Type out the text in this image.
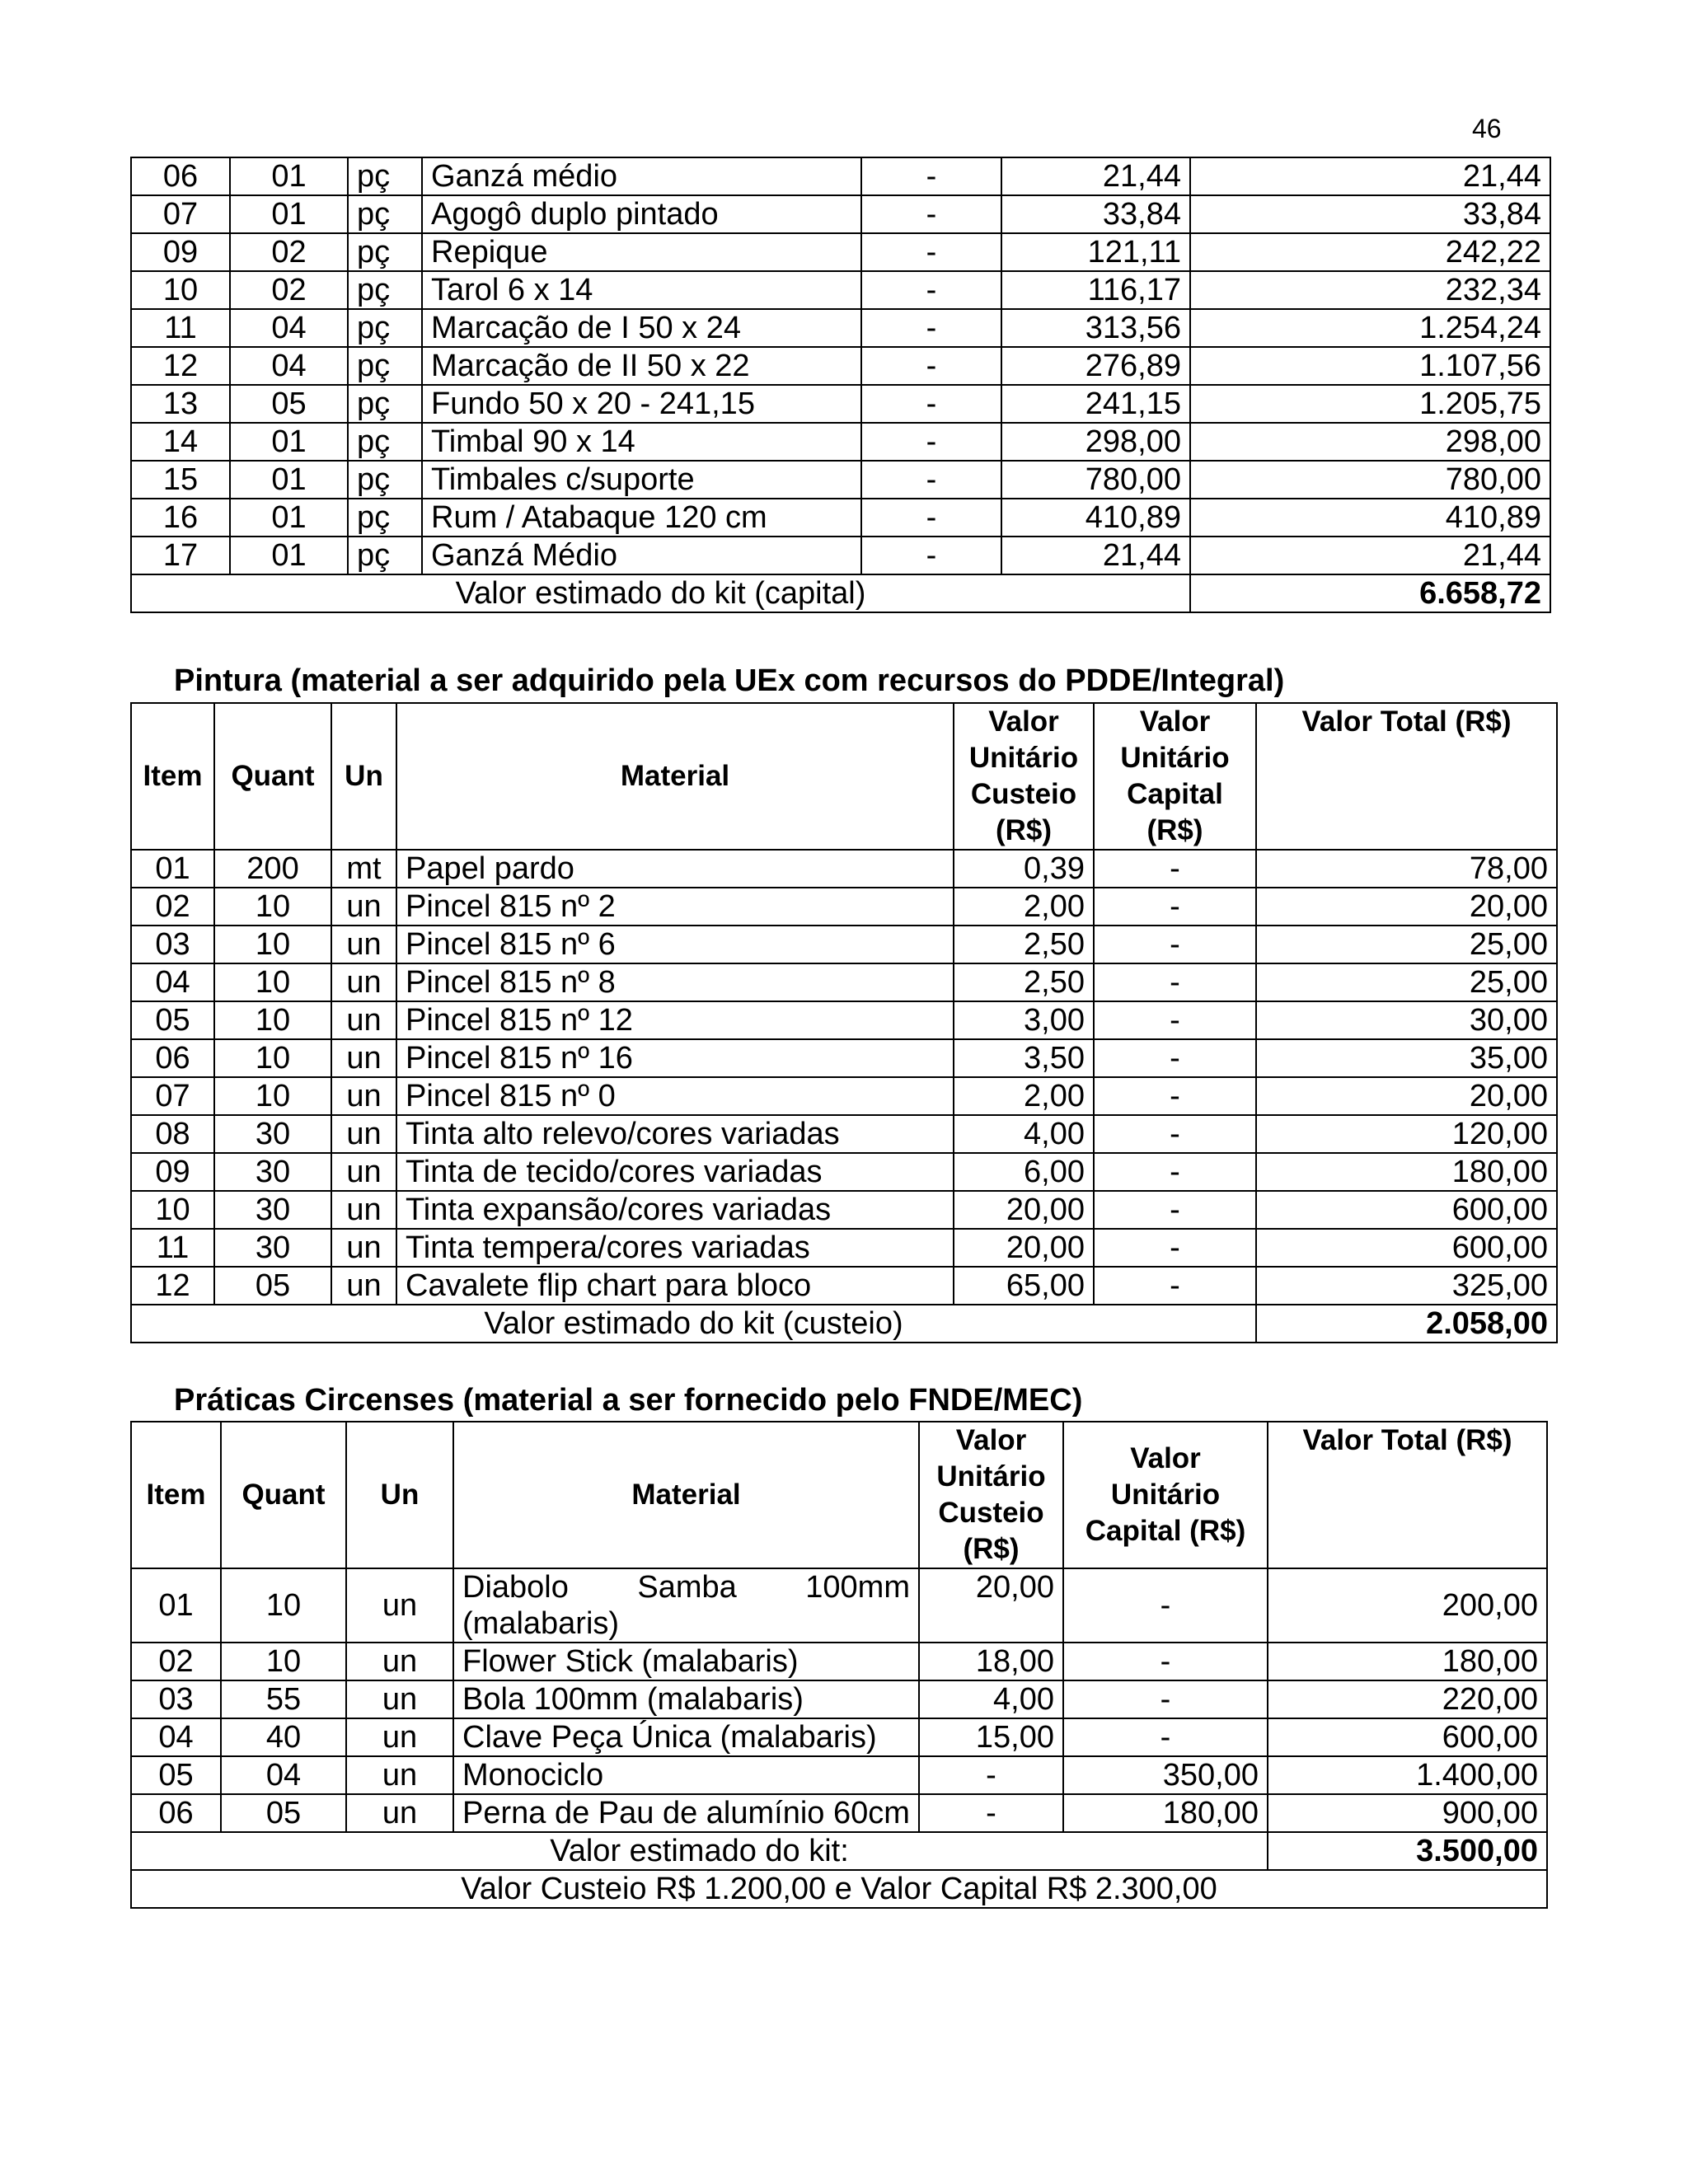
46
06	01	pç	Ganzá médio	-	21,44	21,44
07	01	pç	Agogô duplo pintado	-	33,84	33,84
09	02	pç	Repique	-	121,11	242,22
10	02	pç	Tarol 6 x 14	-	116,17	232,34
11	04	pç	Marcação de I 50 x 24	-	313,56	1.254,24
12	04	pç	Marcação de II 50 x 22	-	276,89	1.107,56
13	05	pç	Fundo 50 x 20 - 241,15	-	241,15	1.205,75
14	01	pç	Timbal 90 x 14	-	298,00	298,00
15	01	pç	Timbales c/suporte	-	780,00	780,00
16	01	pç	Rum / Atabaque 120 cm	-	410,89	410,89
17	01	pç	Ganzá Médio	-	21,44	21,44
Valor estimado do kit (capital)						6.658,72
Pintura (material a ser adquirido pela UEx com recursos do PDDE/Integral)
Item	Quant	Un	Material	Valor Unitário Custeio (R$)	Valor Unitário Capital (R$)	Valor Total (R$)
01	200	mt	Papel pardo	0,39	-	78,00
02	10	un	Pincel 815 nº 2	2,00	-	20,00
03	10	un	Pincel 815 nº 6	2,50	-	25,00
04	10	un	Pincel 815 nº 8	2,50	-	25,00
05	10	un	Pincel 815 nº 12	3,00	-	30,00
06	10	un	Pincel 815 nº 16	3,50	-	35,00
07	10	un	Pincel 815 nº 0	2,00	-	20,00
08	30	un	Tinta alto relevo/cores variadas	4,00	-	120,00
09	30	un	Tinta de tecido/cores variadas	6,00	-	180,00
10	30	un	Tinta expansão/cores variadas	20,00	-	600,00
11	30	un	Tinta tempera/cores variadas	20,00	-	600,00
12	05	un	Cavalete flip chart para bloco	65,00	-	325,00
Valor estimado do kit (custeio)						2.058,00
Práticas Circenses (material a ser fornecido pelo FNDE/MEC)
Item	Quant	Un	Material	Valor Unitário Custeio (R$)	Valor Unitário Capital (R$)	Valor Total (R$)
01	10	un	Diabolo Samba 100mm (malabaris)	20,00	-	200,00
02	10	un	Flower Stick (malabaris)	18,00	-	180,00
03	55	un	Bola 100mm (malabaris)	4,00	-	220,00
04	40	un	Clave Peça Única (malabaris)	15,00	-	600,00
05	04	un	Monociclo	-	350,00	1.400,00
06	05	un	Perna de Pau de alumínio 60cm	-	180,00	900,00
Valor estimado do kit:						3.500,00
Valor Custeio R$ 1.200,00 e Valor Capital R$ 2.300,00						
